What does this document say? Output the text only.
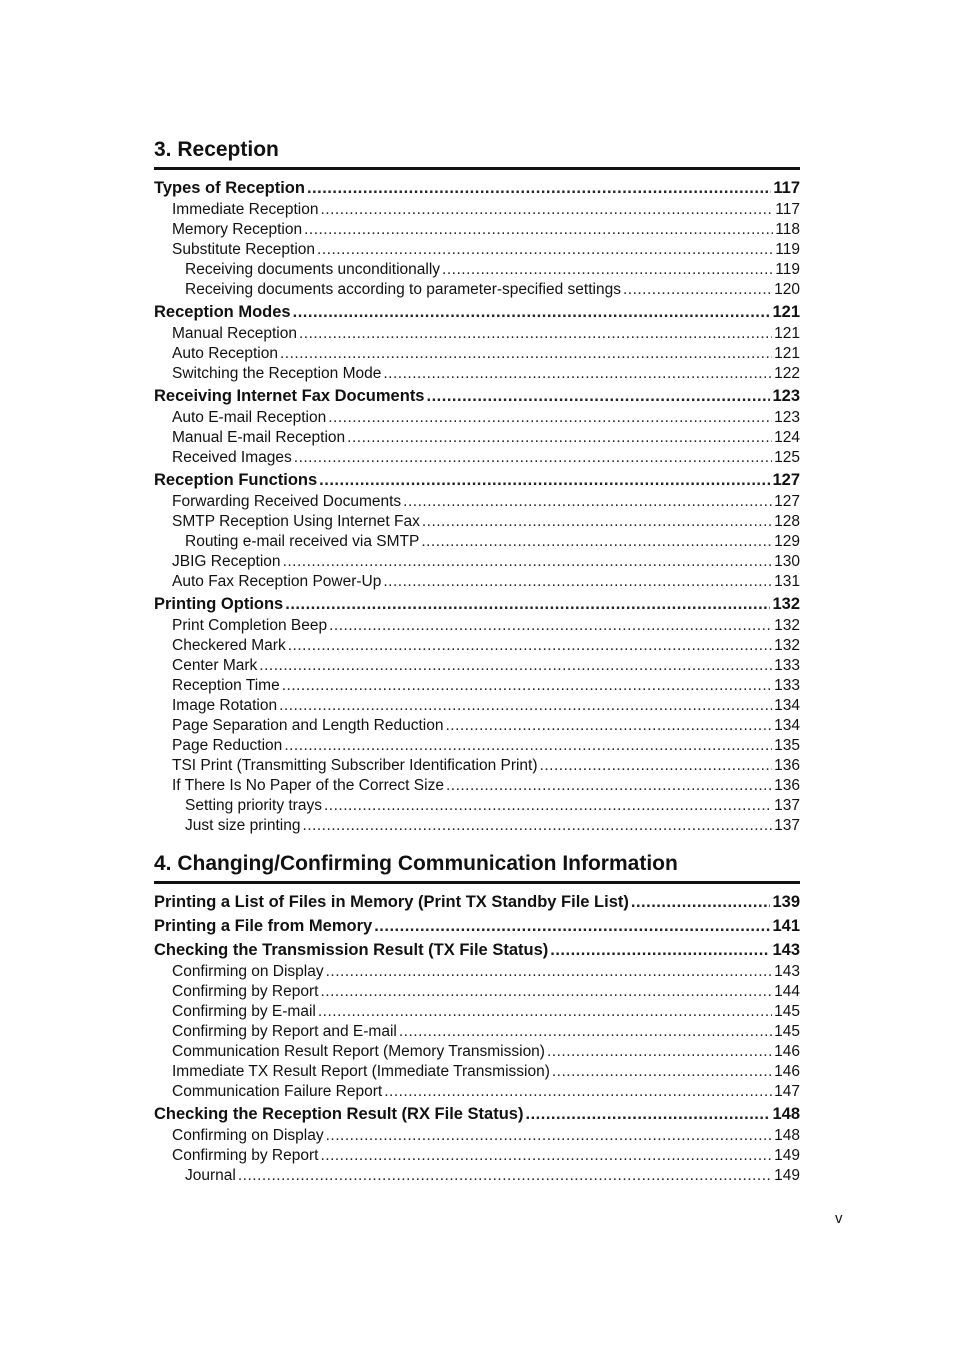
3. Reception
Types of Reception .....	117
Immediate Reception .....	117
Memory Reception .....	118
Substitute Reception .....	119
Receiving documents unconditionally .....	119
Receiving documents according to parameter-specified settings .....	120
Reception Modes .....	121
Manual Reception .....	121
Auto Reception .....	121
Switching the Reception Mode .....	122
Receiving Internet Fax Documents .....	123
Auto E-mail Reception .....	123
Manual E-mail Reception .....	124
Received Images .....	125
Reception Functions .....	127
Forwarding Received Documents .....	127
SMTP Reception Using Internet Fax .....	128
Routing e-mail received via SMTP .....	129
JBIG Reception .....	130
Auto Fax Reception Power-Up .....	131
Printing Options .....	132
Print Completion Beep .....	132
Checkered Mark .....	132
Center Mark .....	133
Reception Time .....	133
Image Rotation .....	134
Page Separation and Length Reduction .....	134
Page Reduction .....	135
TSI Print (Transmitting Subscriber Identification Print) .....	136
If There Is No Paper of the Correct Size .....	136
Setting priority trays .....	137
Just size printing .....	137
4. Changing/Confirming Communication Information
Printing a List of Files in Memory (Print TX Standby File List) .....	139
Printing a File from Memory .....	141
Checking the Transmission Result (TX File Status) .....	143
Confirming on Display .....	143
Confirming by Report .....	144
Confirming by E-mail .....	145
Confirming by Report and E-mail .....	145
Communication Result Report (Memory Transmission) .....	146
Immediate TX Result Report (Immediate Transmission) .....	146
Communication Failure Report .....	147
Checking the Reception Result (RX File Status) .....	148
Confirming on Display .....	148
Confirming by Report .....	149
Journal .....	149
v
